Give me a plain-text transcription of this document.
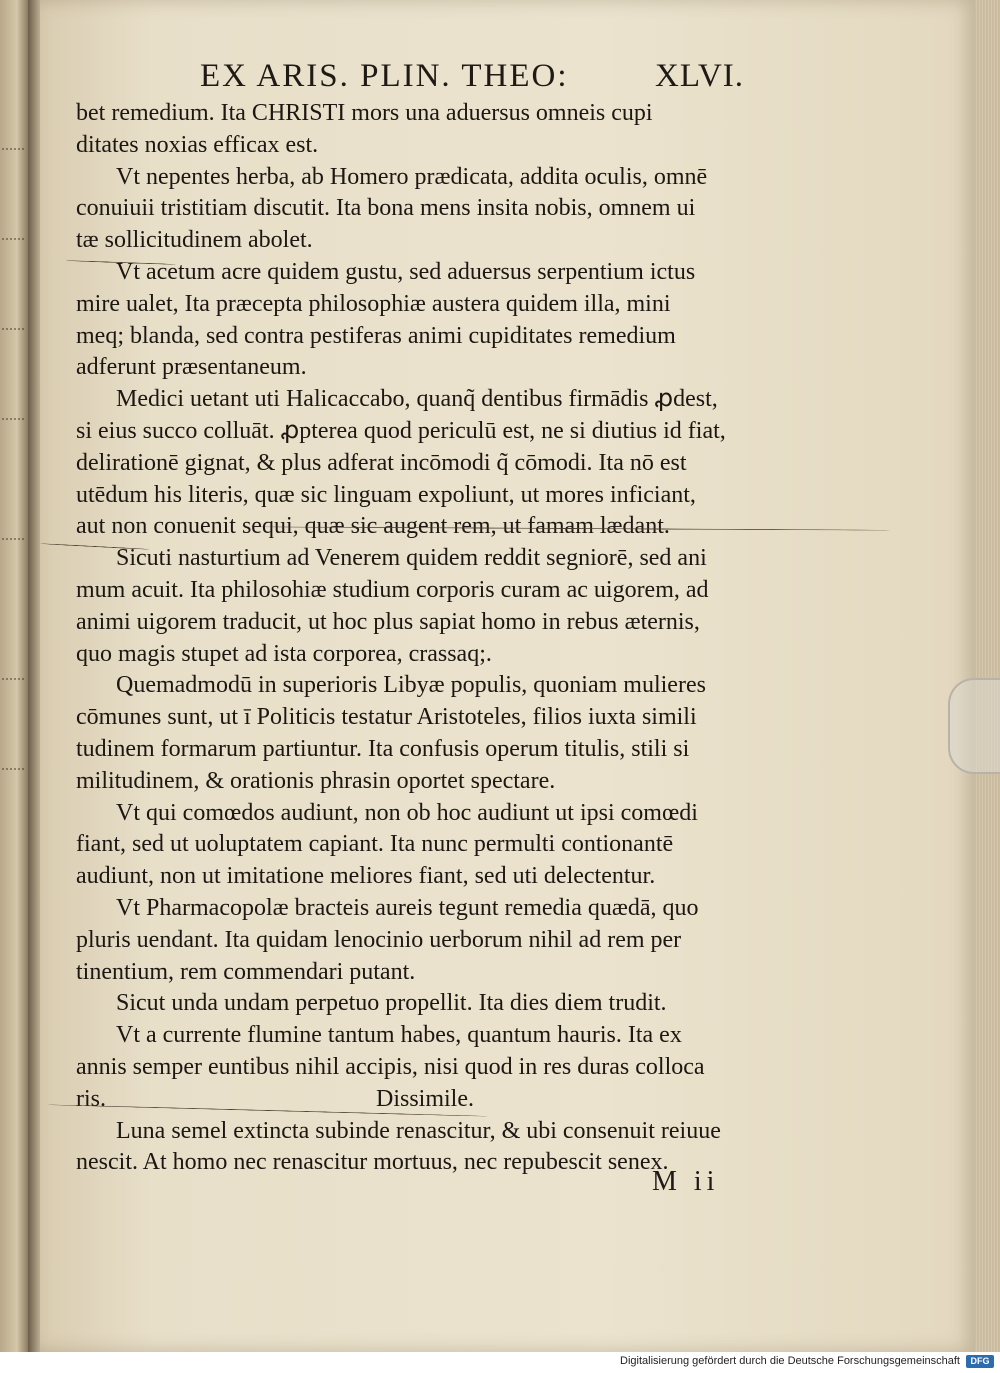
EX ARIS. PLIN. THEO:	XLVI.
bet remedium. Ita CHRISTI mors una aduersus omneis cupi
ditates noxias efficax est.
Vt nepentes herba, ab Homero prædicata, addita oculis, omnē
conuiuii tristitiam discutit. Ita bona mens insita nobis, omnem ui
tæ sollicitudinem abolet.
Vt acetum acre quidem gustu, sed aduersus serpentium ictus
mire ualet, Ita præcepta philosophiæ austera quidem illa, mini
meq; blanda, sed contra pestiferas animi cupiditates remedium
adferunt præsentaneum.
Medici uetant uti Halicaccabo, quanq̃ dentibus firmādis ꝓdest,
si eius succo colluāt. ꝓpterea quod periculū est, ne si diutius id fiat,
delirationē gignat, & plus adferat incōmodi q̃ cōmodi. Ita nō est
utēdum his literis, quæ sic linguam expoliunt, ut mores inficiant,
aut non conuenit sequi, quæ sic augent rem, ut famam lædant.
Sicuti nasturtium ad Venerem quidem reddit segniorē, sed ani
mum acuit. Ita philosohiæ studium corporis curam ac uigorem, ad
animi uigorem traducit, ut hoc plus sapiat homo in rebus æternis,
quo magis stupet ad ista corporea, crassaq;.
Quemadmodū in superioris Libyæ populis, quoniam mulieres
cōmunes sunt, ut ī Politicis testatur Aristoteles, filios iuxta simili
tudinem formarum partiuntur. Ita confusis operum titulis, stili si
militudinem, & orationis phrasin oportet spectare.
Vt qui comœdos audiunt, non ob hoc audiunt ut ipsi comœdi
fiant, sed ut uoluptatem capiant. Ita nunc permulti contionantē
audiunt, non ut imitatione meliores fiant, sed uti delectentur.
Vt Pharmacopolæ bracteis aureis tegunt remedia quædā, quo
pluris uendant. Ita quidam lenocinio uerborum nihil ad rem per
tinentium, rem commendari putant.
Sicut unda undam perpetuo propellit. Ita dies diem trudit.
Vt a currente flumine tantum habes, quantum hauris. Ita ex
annis semper euntibus nihil accipis, nisi quod in res duras colloca
ris.	Dissimile.
Luna semel extincta subinde renascitur, & ubi consenuit reiuue
nescit. At homo nec renascitur mortuus, nec repubescit senex.
M ii
Digitalisierung gefördert durch die Deutsche Forschungsgemeinschaft	DFG
